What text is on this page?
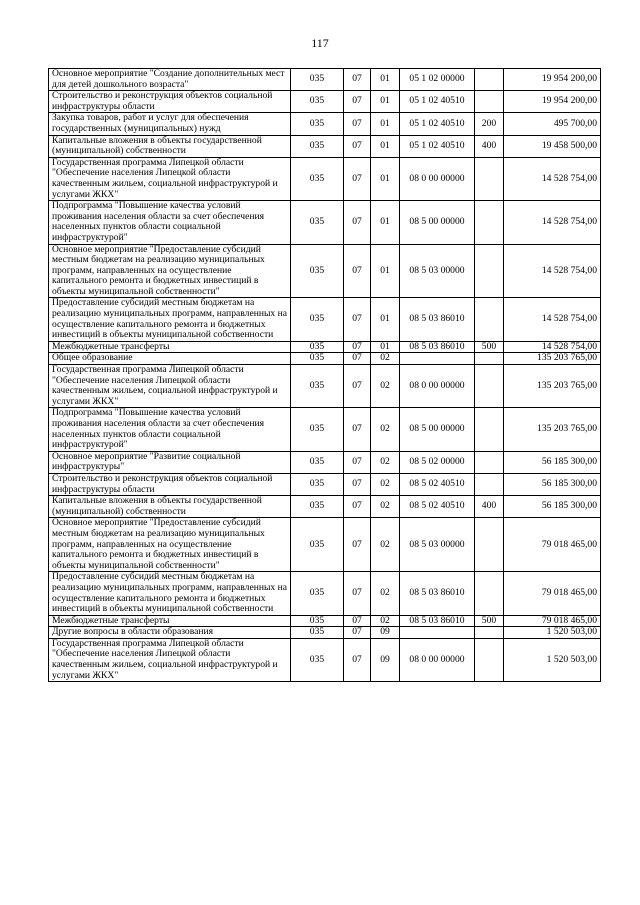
117
Основное мероприятие "Создание дополнительных мест для детей дошкольного возраста"	035	07	01	05 1 02 00000		19 954 200,00
Строительство и реконструкция объектов социальной инфраструктуры области	035	07	01	05 1 02 40510		19 954 200,00
Закупка товаров, работ и услуг для обеспечения государственных (муниципальных) нужд	035	07	01	05 1 02 40510	200	495 700,00
Капитальные вложения в объекты государственной (муниципальной) собственности	035	07	01	05 1 02 40510	400	19 458 500,00
Государственная программа Липецкой области "Обеспечение населения Липецкой области качественным жильем, социальной инфраструктурой и услугами ЖКХ"	035	07	01	08 0 00 00000		14 528 754,00
Подпрограмма "Повышение качества условий проживания населения области за счет обеспечения населенных пунктов области социальной инфраструктурой"	035	07	01	08 5 00 00000		14 528 754,00
Основное мероприятие "Предоставление субсидий местным бюджетам на реализацию муниципальных программ, направленных на осуществление капитального ремонта и бюджетных инвестиций в объекты муниципальной собственности"	035	07	01	08 5 03 00000		14 528 754,00
Предоставление субсидий местным бюджетам на реализацию муниципальных программ, направленных на осуществление капитального ремонта и бюджетных инвестиций в объекты муниципальной собственности	035	07	01	08 5 03 86010		14 528 754,00
Межбюджетные трансферты	035	07	01	08 5 03 86010	500	14 528 754,00
Общее образование	035	07	02			135 203 765,00
Государственная программа Липецкой области "Обеспечение населения Липецкой области качественным жильем, социальной инфраструктурой и услугами ЖКХ"	035	07	02	08 0 00 00000		135 203 765,00
Подпрограмма "Повышение качества условий проживания населения области за счет обеспечения населенных пунктов области социальной инфраструктурой"	035	07	02	08 5 00 00000		135 203 765,00
Основное мероприятие "Развитие социальной инфраструктуры"	035	07	02	08 5 02 00000		56 185 300,00
Строительство и реконструкция объектов социальной инфраструктуры области	035	07	02	08 5 02 40510		56 185 300,00
Капитальные вложения в объекты государственной (муниципальной) собственности	035	07	02	08 5 02 40510	400	56 185 300,00
Основное мероприятие "Предоставление субсидий местным бюджетам на реализацию муниципальных программ, направленных на осуществление капитального ремонта и бюджетных инвестиций в объекты муниципальной собственности"	035	07	02	08 5 03 00000		79 018 465,00
Предоставление субсидий местным бюджетам на реализацию муниципальных программ, направленных на осуществление капитального ремонта и бюджетных инвестиций в объекты муниципальной собственности	035	07	02	08 5 03 86010		79 018 465,00
Межбюджетные трансферты	035	07	02	08 5 03 86010	500	79 018 465,00
Другие вопросы в области образования	035	07	09			1 520 503,00
Государственная программа Липецкой области "Обеспечение населения Липецкой области качественным жильем, социальной инфраструктурой и услугами ЖКХ"	035	07	09	08 0 00 00000		1 520 503,00
